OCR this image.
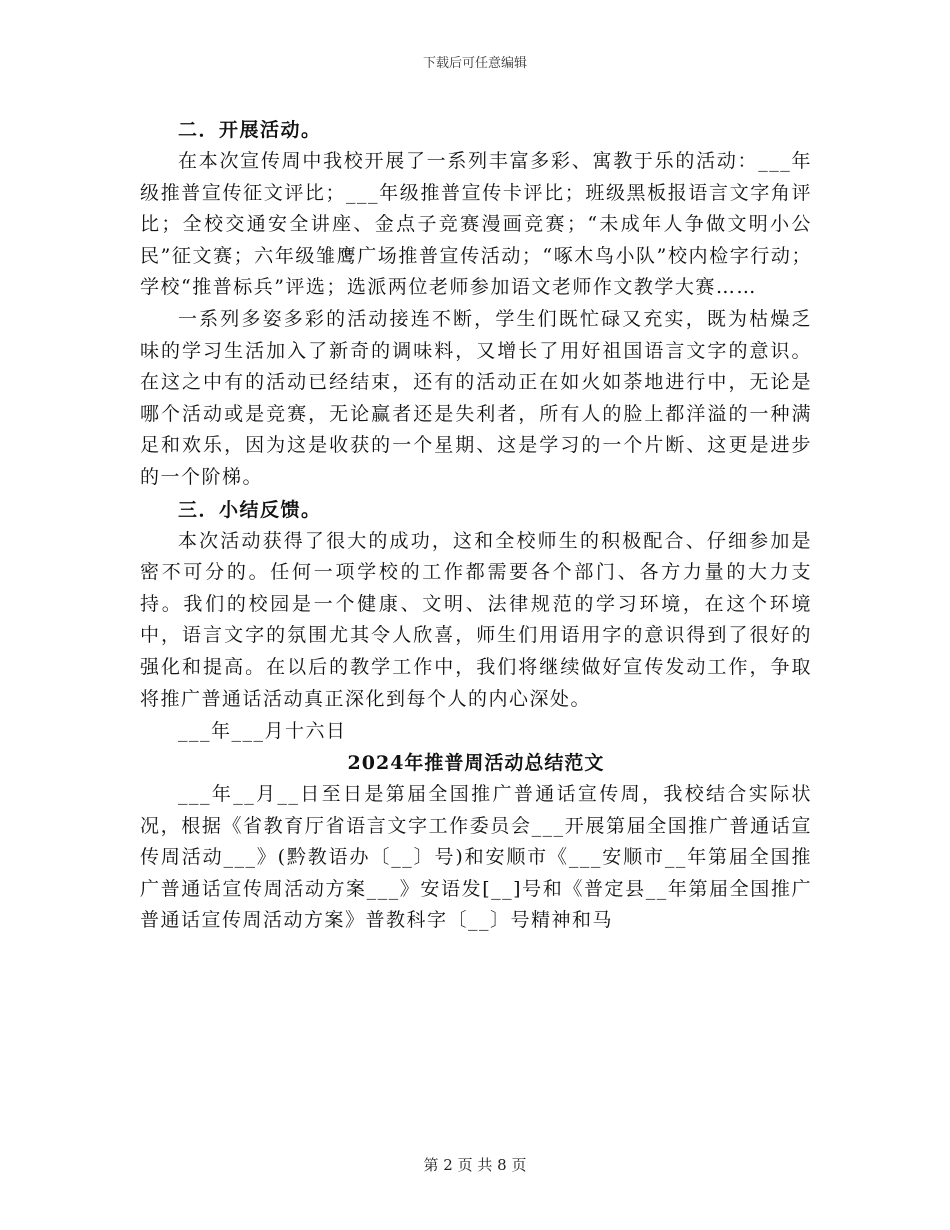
下载后可任意编辑

二．开展活动。

在本次宣传周中我校开展了一系列丰富多彩、寓教于乐的活动：___年级推普宣传征文评比；___年级推普宣传卡评比；班级黑板报语言文字角评比；全校交通安全讲座、金点子竞赛漫画竞赛；“未成年人争做文明小公民”征文赛；六年级雏鹰广场推普宣传活动；“啄木鸟小队”校内检字行动；学校“推普标兵”评选；选派两位老师参加语文老师作文教学大赛……

一系列多姿多彩的活动接连不断，学生们既忙碌又充实，既为枯燥乏味的学习生活加入了新奇的调味料，又增长了用好祖国语言文字的意识。在这之中有的活动已经结束，还有的活动正在如火如荼地进行中，无论是哪个活动或是竞赛，无论赢者还是失利者，所有人的脸上都洋溢的一种满足和欢乐，因为这是收获的一个星期、这是学习的一个片断、这更是进步的一个阶梯。

三．小结反馈。

本次活动获得了很大的成功，这和全校师生的积极配合、仔细参加是密不可分的。任何一项学校的工作都需要各个部门、各方力量的大力支持。我们的校园是一个健康、文明、法律规范的学习环境，在这个环境中，语言文字的氛围尤其令人欣喜，师生们用语用字的意识得到了很好的强化和提高。在以后的教学工作中，我们将继续做好宣传发动工作，争取将推广普通话活动真正深化到每个人的内心深处。

___年___月十六日

2024年推普周活动总结范文

___年__月__日至日是第届全国推广普通话宣传周，我校结合实际状况，根据《省教育厅省语言文字工作委员会___开展第届全国推广普通话宣传周活动___》(黔教语办〔__〕号)和安顺市《___安顺市__年第届全国推广普通话宣传周活动方案___》安语发[__]号和《普定县__年第届全国推广普通话宣传周活动方案》普教科字〔__〕号精神和马

第 2 页 共 8 页
